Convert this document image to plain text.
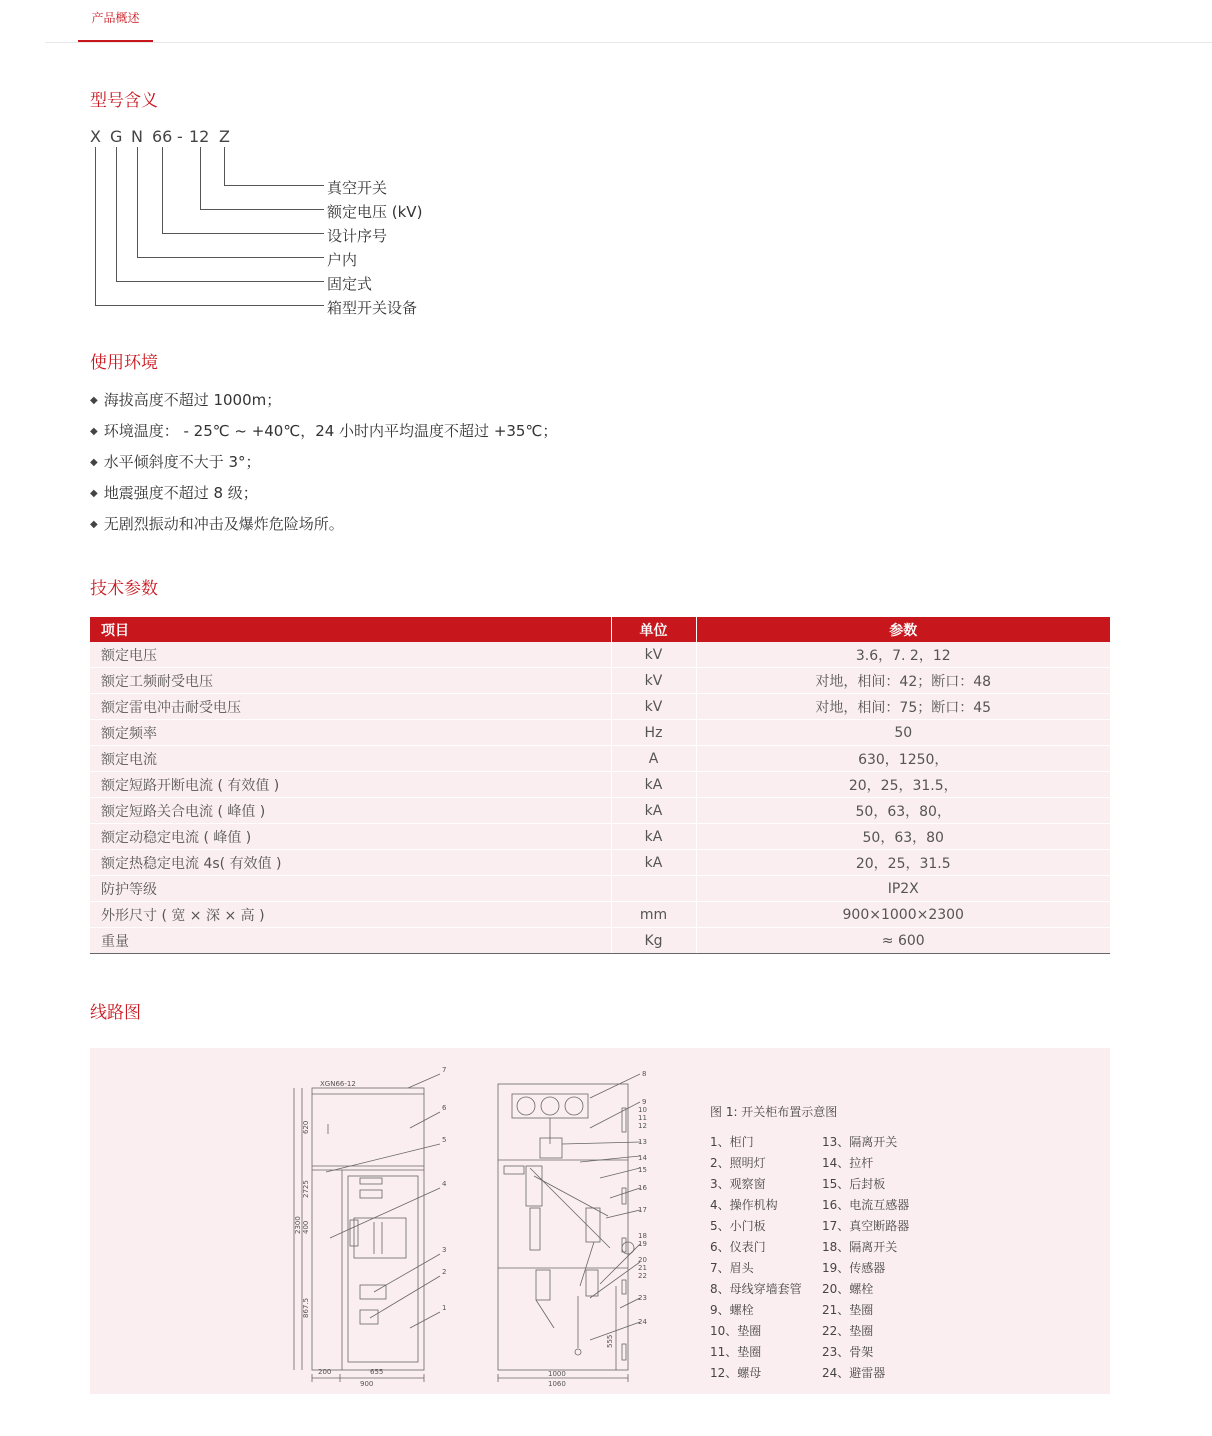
产品概述
型号含义
X G N 66 - 12 Z
真空开关
额定电压 (kV)
设计序号
户内
固定式
箱型开关设备
使用环境
◆ 海拔高度不超过 1000m；
◆ 环境温度： - 25℃ ~ +40℃，24 小时内平均温度不超过 +35℃；
◆ 水平倾斜度不大于 3°；
◆ 地震强度不超过 8 级；
◆ 无剧烈振动和冲击及爆炸危险场所。
技术参数
项目	单位	参数
额定电压	kV	3.6，7. 2，12
额定工频耐受电压	kV	对地，相间：42；断口：48
额定雷电冲击耐受电压	kV	对地，相间：75；断口：45
额定频率	Hz	50
额定电流	A	630，1250，
额定短路开断电流 ( 有效值 )	kA	20，25，31.5，
额定短路关合电流 ( 峰值 )	kA	50，63，80，
额定动稳定电流 ( 峰值 )	kA	50，63，80
额定热稳定电流 4s( 有效值 )	kA	20，25，31.5
防护等级		IP2X
外形尺寸 ( 宽 × 深 × 高 )	mm	900×1000×2300
重量	Kg	≈ 600
线路图
XGN66-12
7
6
5
4
3
2
1
620
2725
2300 400
867.5
200	655
900
1000
1060
555
8
9
10
11
12
13
14
15
16
17
18
19
20
21
22
23
24
图 1: 开关柜布置示意图
1、柜门
2、照明灯
3、观察窗
4、操作机构
5、小门板
6、仪表门
7、眉头
8、母线穿墙套管
9、螺栓
10、垫圈
11、垫圈
12、螺母
13、隔离开关
14、拉杆
15、后封板
16、电流互感器
17、真空断路器
18、隔离开关
19、传感器
20、螺栓
21、垫圈
22、垫圈
23、骨架
24、避雷器
